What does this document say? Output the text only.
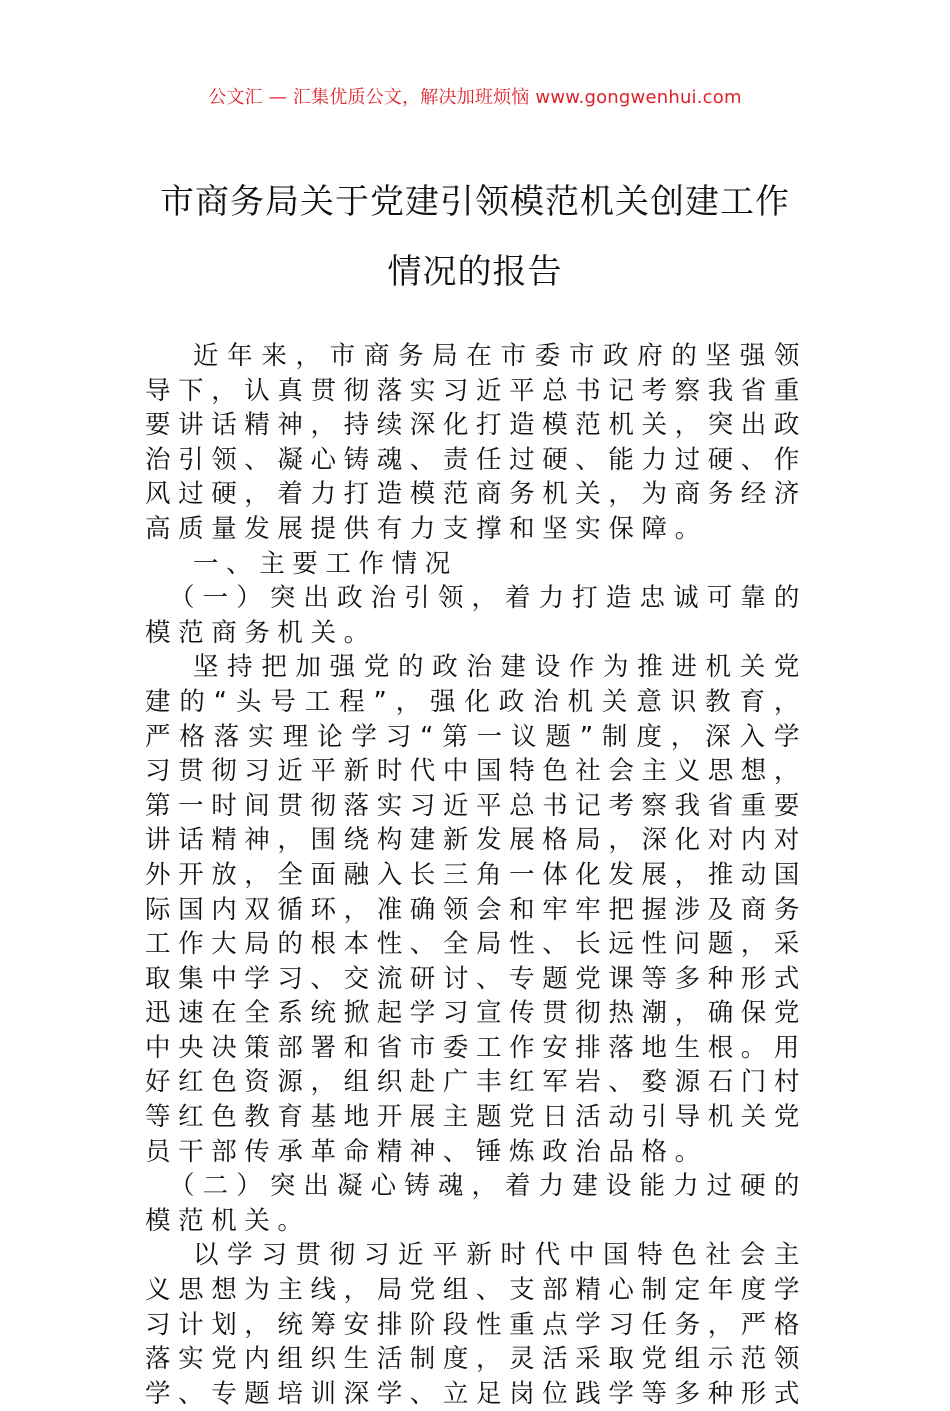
公文汇 — 汇集优质公文，解决加班烦恼 www.gongwenhui.com
市商务局关于党建引领模范机关创建工作
情况的报告

近年来，市商务局在市委市政府的坚强领导下，认真贯彻落实习近平总书记考察我省重要讲话精神，持续深化打造模范机关，突出政治引领、凝心铸魂、责任过硬、能力过硬、作风过硬，着力打造模范商务机关，为商务经济高质量发展提供有力支撑和坚实保障。

一、主要工作情况

（一）突出政治引领，着力打造忠诚可靠的模范商务机关。

坚持把加强党的政治建设作为推进机关党建的“头号工程”，强化政治机关意识教育，严格落实理论学习“第一议题”制度，深入学习贯彻习近平新时代中国特色社会主义思想，第一时间贯彻落实习近平总书记考察我省重要讲话精神，围绕构建新发展格局，深化对内对外开放，全面融入长三角一体化发展，推动国际国内双循环，准确领会和牢牢把握涉及商务工作大局的根本性、全局性、长远性问题，采取集中学习、交流研讨、专题党课等多种形式迅速在全系统掀起学习宣传贯彻热潮，确保党中央决策部署和省市委工作安排落地生根。用好红色资源，组织赴广丰红军岩、婺源石门村等红色教育基地开展主题党日活动引导机关党员干部传承革命精神、锤炼政治品格。

（二）突出凝心铸魂，着力建设能力过硬的模范机关。

以学习贯彻习近平新时代中国特色社会主义思想为主线，局党组、支部精心制定年度学习计划，统筹安排阶段性重点学习任务，严格落实党内组织生活制度，灵活采取党组示范领学、专题培训深学、立足岗位践学等多种形式
